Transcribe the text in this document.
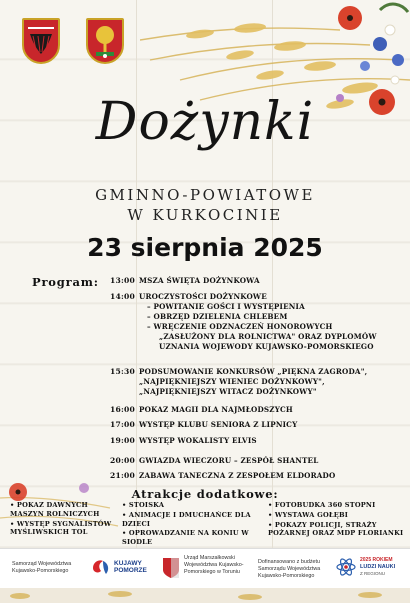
Dożynki
GMINNO-POWIATOWE
W KURKOCINIE
23 sierpnia 2025
Program: 13:00 MSZA ŚWIĘTA DOŻYNKOWA
14:00 UROCZYSTOŚCI DOŻYNKOWE
– POWITANIE GOŚCI I WYSTĘPIENIA
– OBRZĘD DZIELENIA CHLEBEM
– WRĘCZENIE ODZNACZEŃ HONOROWYCH
„ZASŁUŻONY DLA ROLNICTWA" ORAZ DYPLOMÓW
UZNANIA WOJEWODY KUJAWSKO-POMORSKIEGO
15:30 PODSUMOWANIE KONKURSÓW „PIĘKNA ZAGRODA",
„NAJPIĘKNIEJSZY WIENIEC DOŻYNKOWY",
„NAJPIĘKNIEJSZY WITACZ DOŻYNKOWY"
16:00 POKAZ MAGII DLA NAJMŁODSZYCH
17:00 WYSTĘP KLUBU SENIORA Z LIPNICY
19:00 WYSTĘP WOKALISTY ELVIS
20:00 GWIAZDA WIECZORU – ZESPÓŁ SHANTEL
21:00 ZABAWA TANECZNA Z ZESPOŁEM ELDORADO
Atrakcje dodatkowe:
• POKAZ DAWNYCH MASZYN ROLNICZYCH
• WYSTĘP SYGNALISTÓW MYŚLIWSKICH TOL
• STOISKA
• ANIMACJE I DMUCHAŃCE DLA DZIECI
• OPROWADZANIE NA KONIU W SIODLE
• FOTOBUDKA 360 STOPNI
• WYSTAWA GOŁĘBI
• POKAZY POLICJI, STRAŻY POŻARNEJ ORAZ MDP FLORIANKI
Samorząd Województwa Kujawsko-Pomorskiego
KUJAWY
POMORZE
Urząd Marszałkowski Województwa Kujawsko-Pomorskiego w Toruniu
Dofinansowano z budżetu Samorządu Województwa Kujawsko-Pomorskiego
2025 ROKIEM
LUDZI NAUKI
Z REGIONU
